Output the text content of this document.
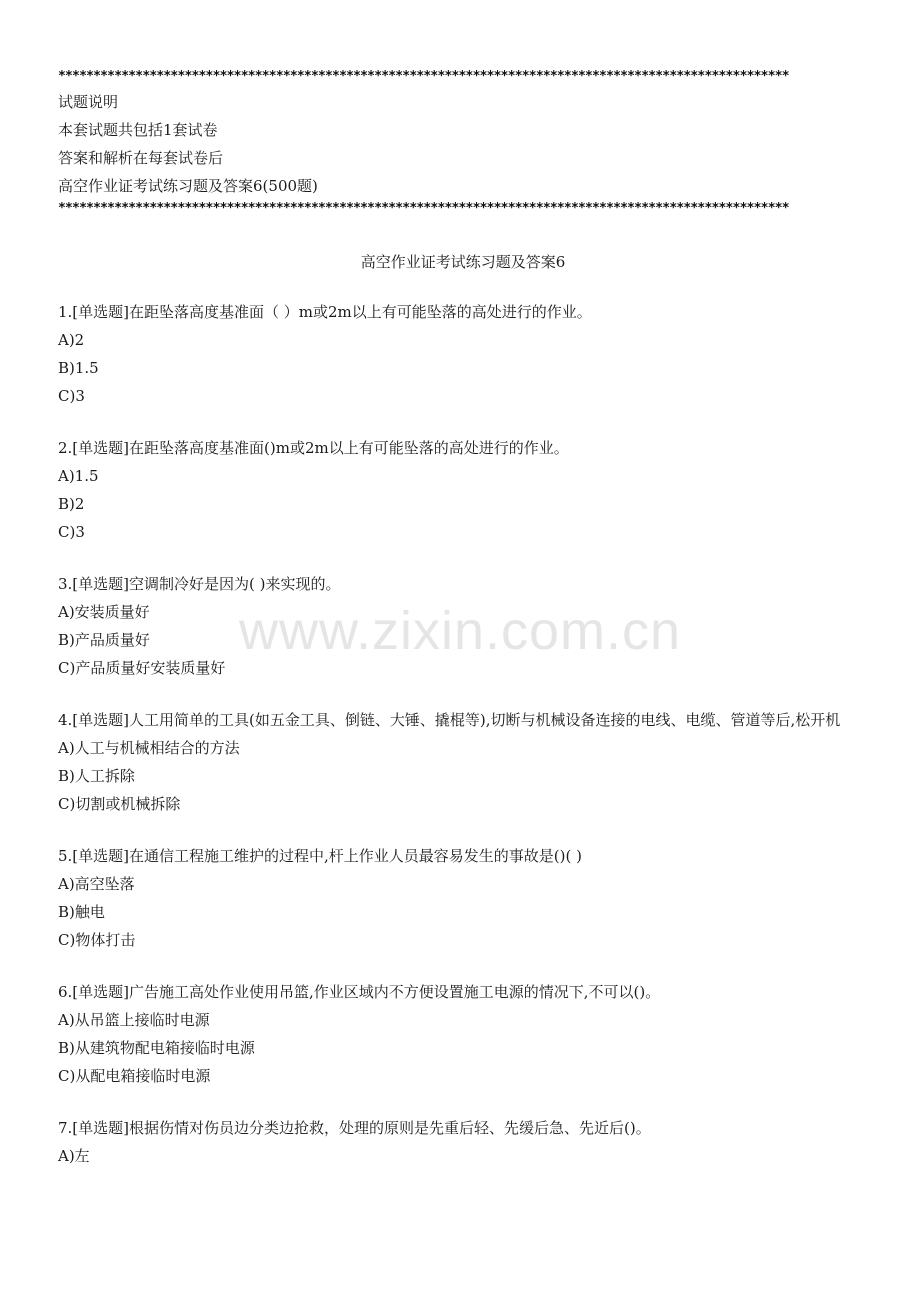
www.zixin.com.cn
********************************************************************************************************
试题说明
本套试题共包括1套试卷
答案和解析在每套试卷后
高空作业证考试练习题及答案6(500题)
********************************************************************************************************
高空作业证考试练习题及答案6
1.[单选题]在距坠落高度基准面（ ）m或2m以上有可能坠落的高处进行的作业。
A)2
B)1.5
C)3
2.[单选题]在距坠落高度基准面()m或2m以上有可能坠落的高处进行的作业。
A)1.5
B)2
C)3
3.[单选题]空调制冷好是因为( )来实现的。
A)安装质量好
B)产品质量好
C)产品质量好安装质量好
4.[单选题]人工用简单的工具(如五金工具、倒链、大锤、撬棍等),切断与机械设备连接的电线、电缆、管道等后,松开机
A)人工与机械相结合的方法
B)人工拆除
C)切割或机械拆除
5.[单选题]在通信工程施工维护的过程中,杆上作业人员最容易发生的事故是()( )
A)高空坠落
B)触电
C)物体打击
6.[单选题]广告施工高处作业使用吊篮,作业区域内不方便设置施工电源的情况下,不可以()。
A)从吊篮上接临时电源
B)从建筑物配电箱接临时电源
C)从配电箱接临时电源
7.[单选题]根据伤情对伤员边分类边抢救，处理的原则是先重后轻、先缓后急、先近后()。
A)左
